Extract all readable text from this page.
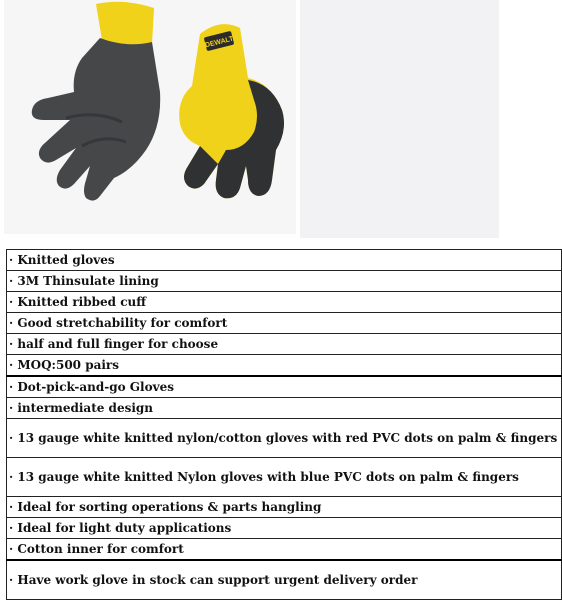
DEWALT
· Knitted gloves
· 3M Thinsulate lining
· Knitted ribbed cuff
· Good stretchability for comfort
· half and full finger for choose
· MOQ:500 pairs
· Dot-pick-and-go Gloves
· intermediate design
· 13 gauge white knitted nylon/cotton gloves with red PVC dots on palm & fingers
· 13 gauge white knitted Nylon gloves with blue PVC dots on palm & fingers
· Ideal for sorting operations & parts hangling
· Ideal for light duty applications
· Cotton inner for comfort
· Have work glove in stock can support urgent delivery order
